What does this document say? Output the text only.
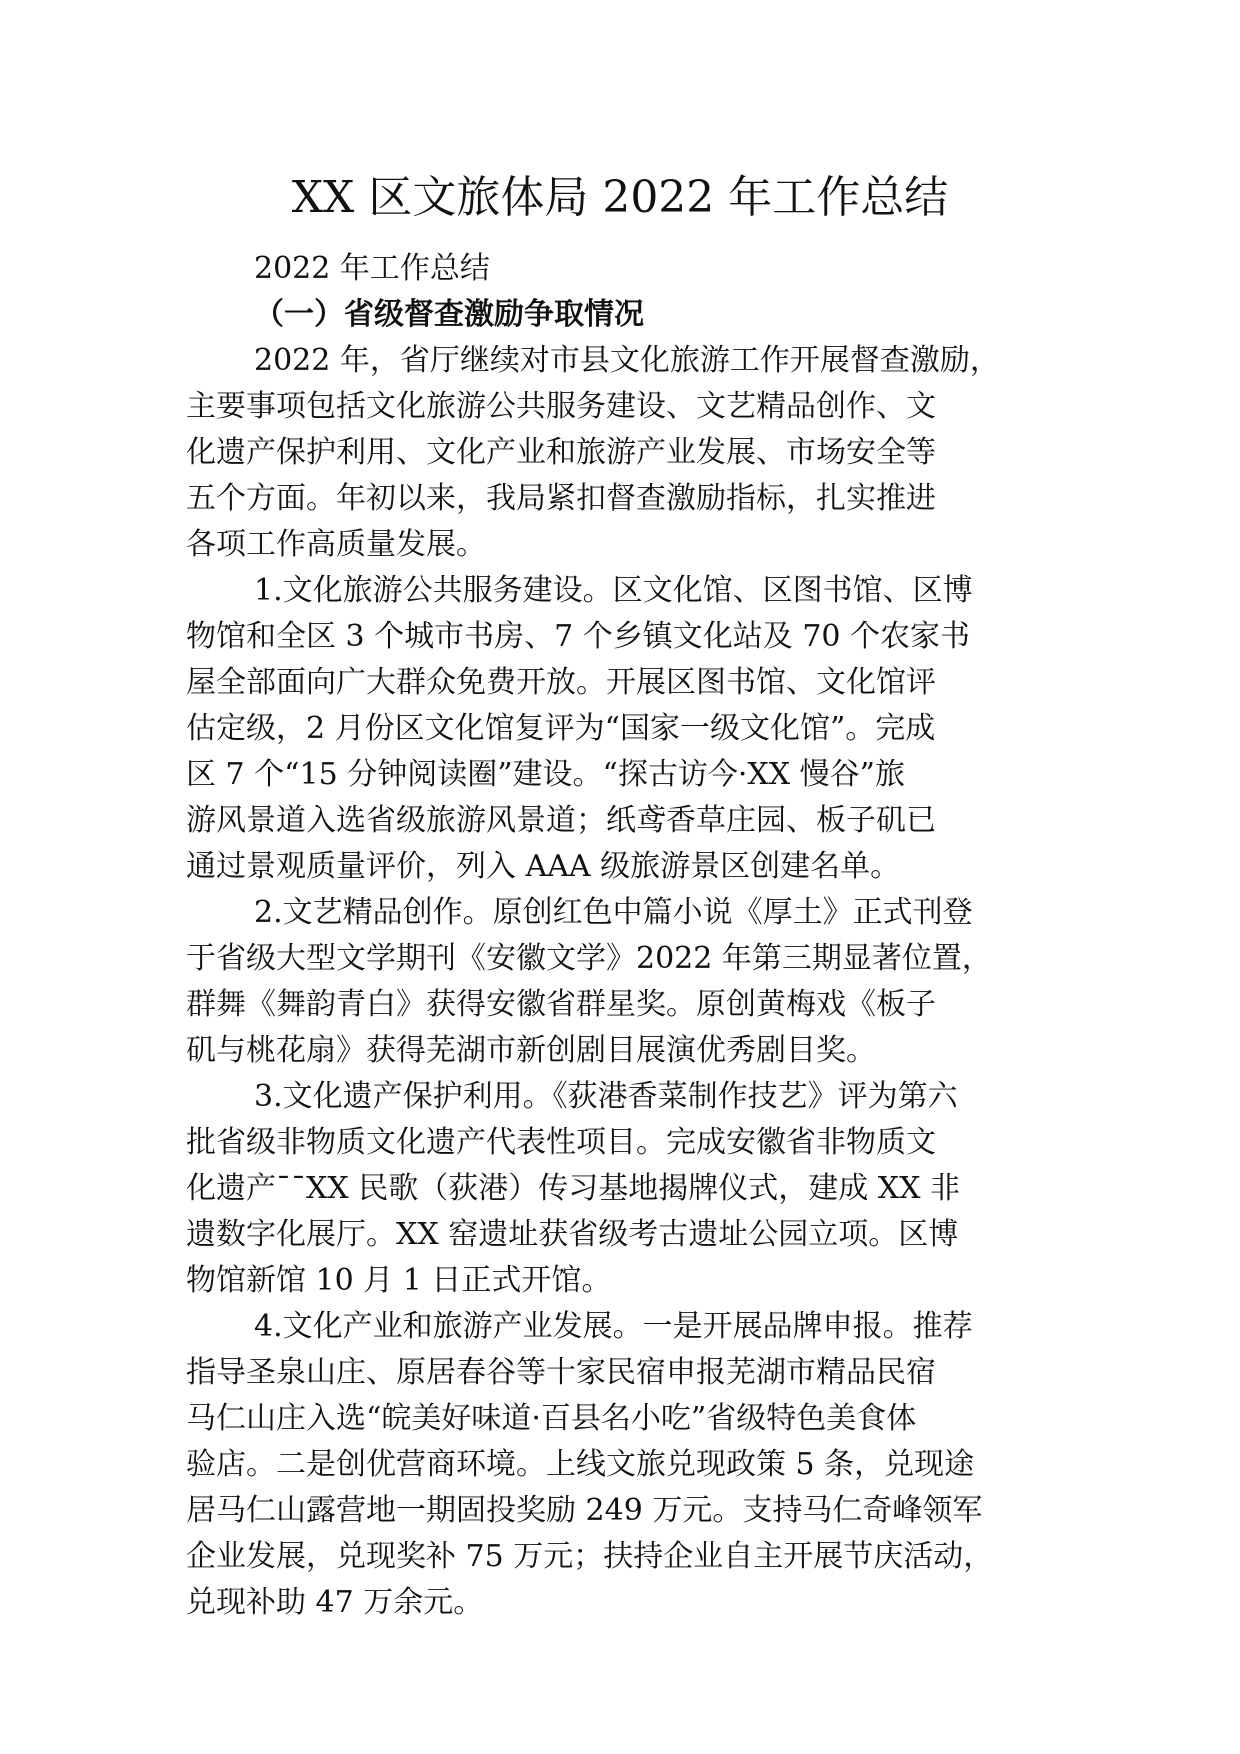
XX 区文旅体局 2022 年工作总结

2022 年工作总结

（一）省级督查激励争取情况

2022 年，省厅继续对市县文化旅游工作开展督查激励，
主要事项包括文化旅游公共服务建设、文艺精品创作、文
化遗产保护利用、文化产业和旅游产业发展、市场安全等
五个方面。年初以来，我局紧扣督查激励指标，扎实推进
各项工作高质量发展。

1.文化旅游公共服务建设。区文化馆、区图书馆、区博
物馆和全区 3 个城市书房、7 个乡镇文化站及 70 个农家书
屋全部面向广大群众免费开放。开展区图书馆、文化馆评
估定级，2 月份区文化馆复评为“国家一级文化馆”。完成
区 7 个“15 分钟阅读圈”建设。“探古访今·XX 慢谷”旅
游风景道入选省级旅游风景道；纸鸢香草庄园、板子矶已
通过景观质量评价，列入 AAA 级旅游景区创建名单。

2.文艺精品创作。原创红色中篇小说《厚土》正式刊登
于省级大型文学期刊《安徽文学》2022 年第三期显著位置，
群舞《舞韵青白》获得安徽省群星奖。原创黄梅戏《板子
矶与桃花扇》获得芜湖市新创剧目展演优秀剧目奖。

3.文化遗产保护利用。《荻港香菜制作技艺》评为第六
批省级非物质文化遗产代表性项目。完成安徽省非物质文
化遗产¯¯XX 民歌（荻港）传习基地揭牌仪式，建成 XX 非
遗数字化展厅。XX 窑遗址获省级考古遗址公园立项。区博
物馆新馆 10 月 1 日正式开馆。

4.文化产业和旅游产业发展。一是开展品牌申报。推荐
指导圣泉山庄、原居春谷等十家民宿申报芜湖市精品民宿
马仁山庄入选“皖美好味道·百县名小吃”省级特色美食体
验店。二是创优营商环境。上线文旅兑现政策 5 条，兑现途
居马仁山露营地一期固投奖励 249 万元。支持马仁奇峰领军
企业发展，兑现奖补 75 万元；扶持企业自主开展节庆活动，
兑现补助 47 万余元。
